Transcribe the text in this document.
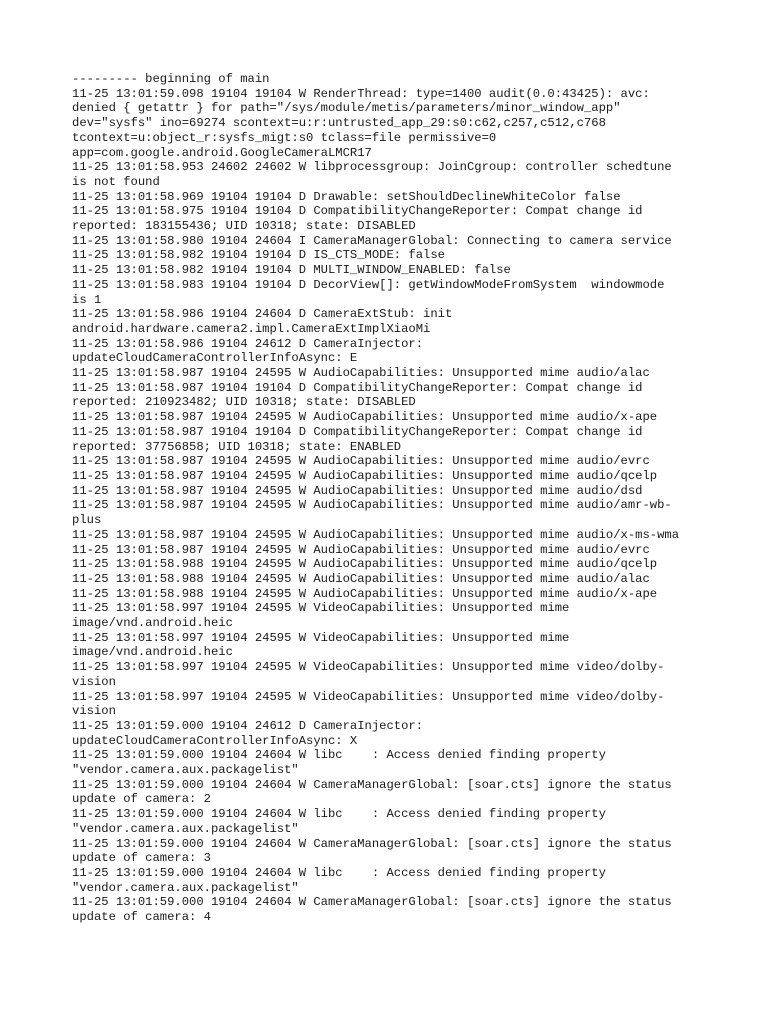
--------- beginning of main
11-25 13:01:59.098 19104 19104 W RenderThread: type=1400 audit(0.0:43425): avc:
denied { getattr } for path="/sys/module/metis/parameters/minor_window_app"
dev="sysfs" ino=69274 scontext=u:r:untrusted_app_29:s0:c62,c257,c512,c768
tcontext=u:object_r:sysfs_migt:s0 tclass=file permissive=0
app=com.google.android.GoogleCameraLMCR17
11-25 13:01:58.953 24602 24602 W libprocessgroup: JoinCgroup: controller schedtune
is not found
11-25 13:01:58.969 19104 19104 D Drawable: setShouldDeclineWhiteColor false
11-25 13:01:58.975 19104 19104 D CompatibilityChangeReporter: Compat change id
reported: 183155436; UID 10318; state: DISABLED
11-25 13:01:58.980 19104 24604 I CameraManagerGlobal: Connecting to camera service
11-25 13:01:58.982 19104 19104 D IS_CTS_MODE: false
11-25 13:01:58.982 19104 19104 D MULTI_WINDOW_ENABLED: false
11-25 13:01:58.983 19104 19104 D DecorView[]: getWindowModeFromSystem  windowmode
is 1
11-25 13:01:58.986 19104 24604 D CameraExtStub: init
android.hardware.camera2.impl.CameraExtImplXiaoMi
11-25 13:01:58.986 19104 24612 D CameraInjector:
updateCloudCameraControllerInfoAsync: E
11-25 13:01:58.987 19104 24595 W AudioCapabilities: Unsupported mime audio/alac
11-25 13:01:58.987 19104 19104 D CompatibilityChangeReporter: Compat change id
reported: 210923482; UID 10318; state: DISABLED
11-25 13:01:58.987 19104 24595 W AudioCapabilities: Unsupported mime audio/x-ape
11-25 13:01:58.987 19104 19104 D CompatibilityChangeReporter: Compat change id
reported: 37756858; UID 10318; state: ENABLED
11-25 13:01:58.987 19104 24595 W AudioCapabilities: Unsupported mime audio/evrc
11-25 13:01:58.987 19104 24595 W AudioCapabilities: Unsupported mime audio/qcelp
11-25 13:01:58.987 19104 24595 W AudioCapabilities: Unsupported mime audio/dsd
11-25 13:01:58.987 19104 24595 W AudioCapabilities: Unsupported mime audio/amr-wb-
plus
11-25 13:01:58.987 19104 24595 W AudioCapabilities: Unsupported mime audio/x-ms-wma
11-25 13:01:58.987 19104 24595 W AudioCapabilities: Unsupported mime audio/evrc
11-25 13:01:58.988 19104 24595 W AudioCapabilities: Unsupported mime audio/qcelp
11-25 13:01:58.988 19104 24595 W AudioCapabilities: Unsupported mime audio/alac
11-25 13:01:58.988 19104 24595 W AudioCapabilities: Unsupported mime audio/x-ape
11-25 13:01:58.997 19104 24595 W VideoCapabilities: Unsupported mime
image/vnd.android.heic
11-25 13:01:58.997 19104 24595 W VideoCapabilities: Unsupported mime
image/vnd.android.heic
11-25 13:01:58.997 19104 24595 W VideoCapabilities: Unsupported mime video/dolby-
vision
11-25 13:01:58.997 19104 24595 W VideoCapabilities: Unsupported mime video/dolby-
vision
11-25 13:01:59.000 19104 24612 D CameraInjector:
updateCloudCameraControllerInfoAsync: X
11-25 13:01:59.000 19104 24604 W libc    : Access denied finding property
"vendor.camera.aux.packagelist"
11-25 13:01:59.000 19104 24604 W CameraManagerGlobal: [soar.cts] ignore the status
update of camera: 2
11-25 13:01:59.000 19104 24604 W libc    : Access denied finding property
"vendor.camera.aux.packagelist"
11-25 13:01:59.000 19104 24604 W CameraManagerGlobal: [soar.cts] ignore the status
update of camera: 3
11-25 13:01:59.000 19104 24604 W libc    : Access denied finding property
"vendor.camera.aux.packagelist"
11-25 13:01:59.000 19104 24604 W CameraManagerGlobal: [soar.cts] ignore the status
update of camera: 4
